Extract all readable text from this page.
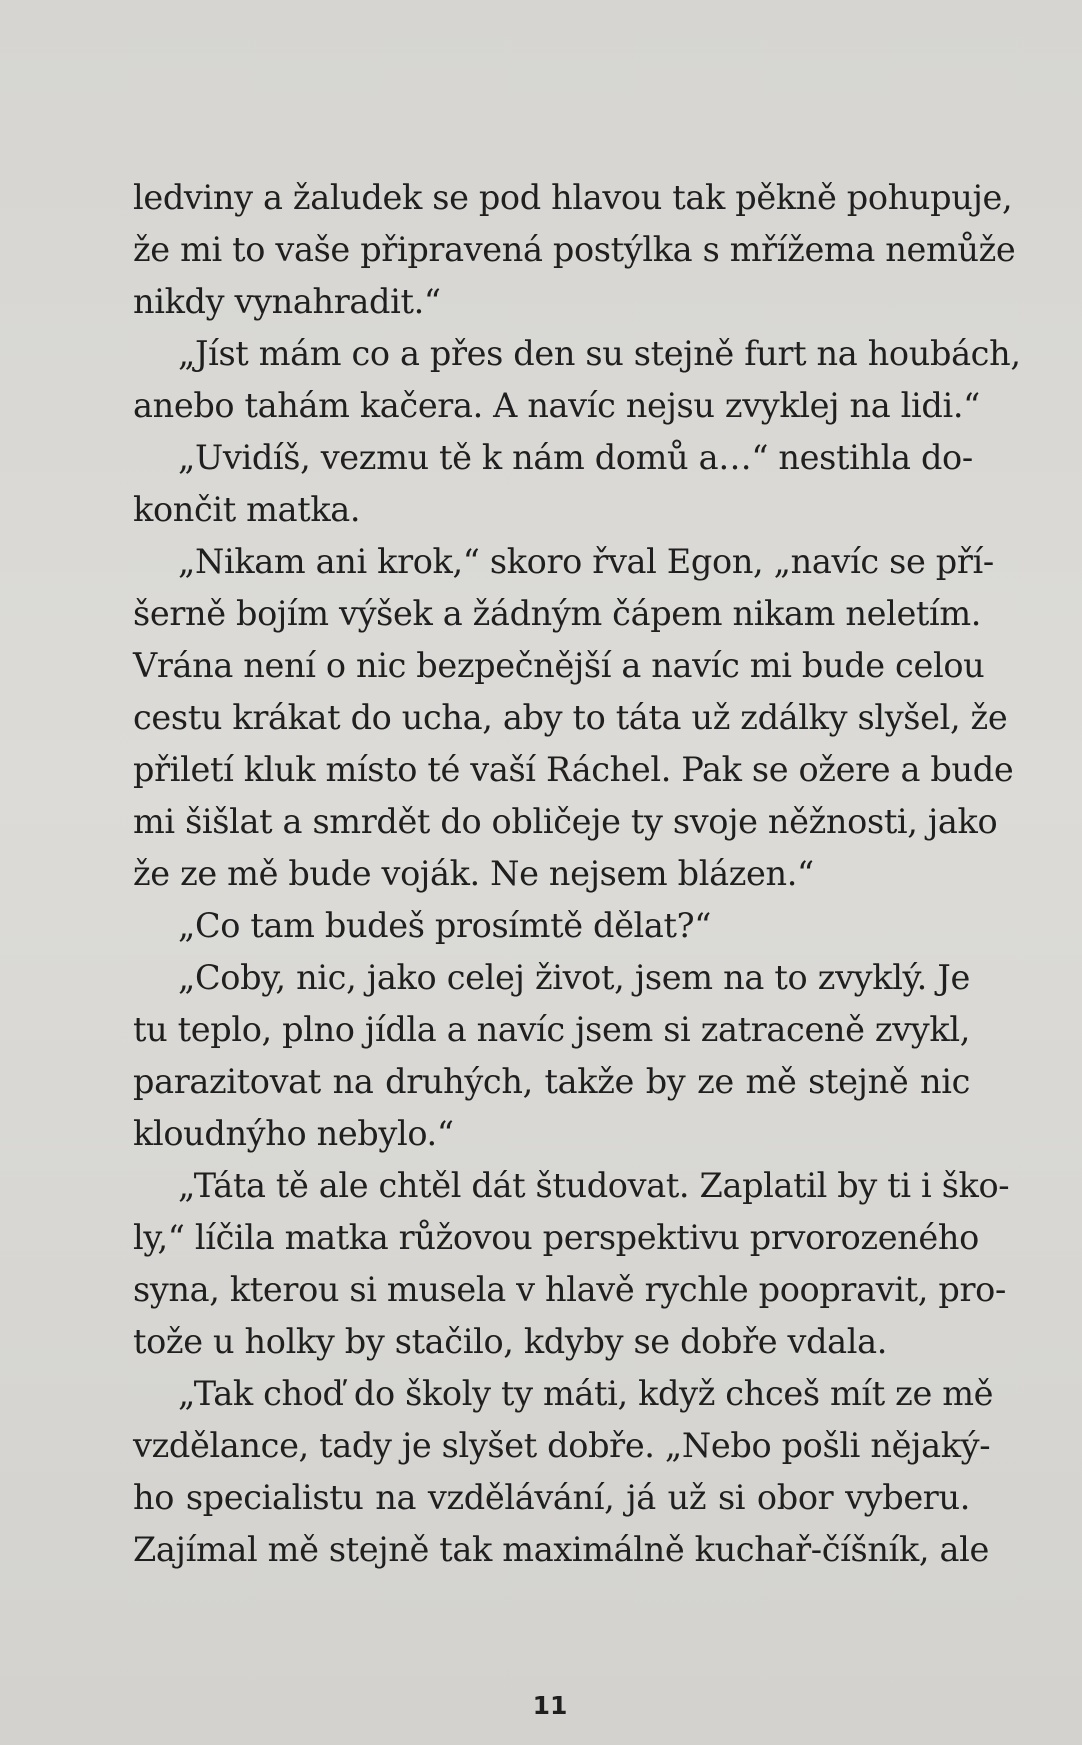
ledviny a žaludek se pod hlavou tak pěkně pohupuje,
že mi to vaše připravená postýlka s mřížema nemůže
nikdy vynahradit.“
„Jíst mám co a přes den su stejně furt na houbách,
anebo tahám kačera. A navíc nejsu zvyklej na lidi.“
„Uvidíš, vezmu tě k nám domů a…“ nestihla do-
končit matka.
„Nikam ani krok,“ skoro řval Egon, „navíc se pří-
šerně bojím výšek a žádným čápem nikam neletím.
Vrána není o nic bezpečnější a navíc mi bude celou
cestu krákat do ucha, aby to táta už zdálky slyšel, že
přiletí kluk místo té vaší Ráchel. Pak se ožere a bude
mi šišlat a smrdět do obličeje ty svoje něžnosti, jako
že ze mě bude voják. Ne nejsem blázen.“
„Co tam budeš prosímtě dělat?“
„Coby, nic, jako celej život, jsem na to zvyklý. Je
tu teplo, plno jídla a navíc jsem si zatraceně zvykl,
parazitovat na druhých, takže by ze mě stejně nic
kloudnýho nebylo.“
„Táta tě ale chtěl dát študovat. Zaplatil by ti i ško-
ly,“ líčila matka růžovou perspektivu prvorozeného
syna, kterou si musela v hlavě rychle poopravit, pro-
tože u holky by stačilo, kdyby se dobře vdala.
„Tak choď do školy ty máti, když chceš mít ze mě
vzdělance, tady je slyšet dobře. „Nebo pošli nějaký-
ho specialistu na vzdělávání, já už si obor vyberu.
Zajímal mě stejně tak maximálně kuchař-číšník, ale
11
